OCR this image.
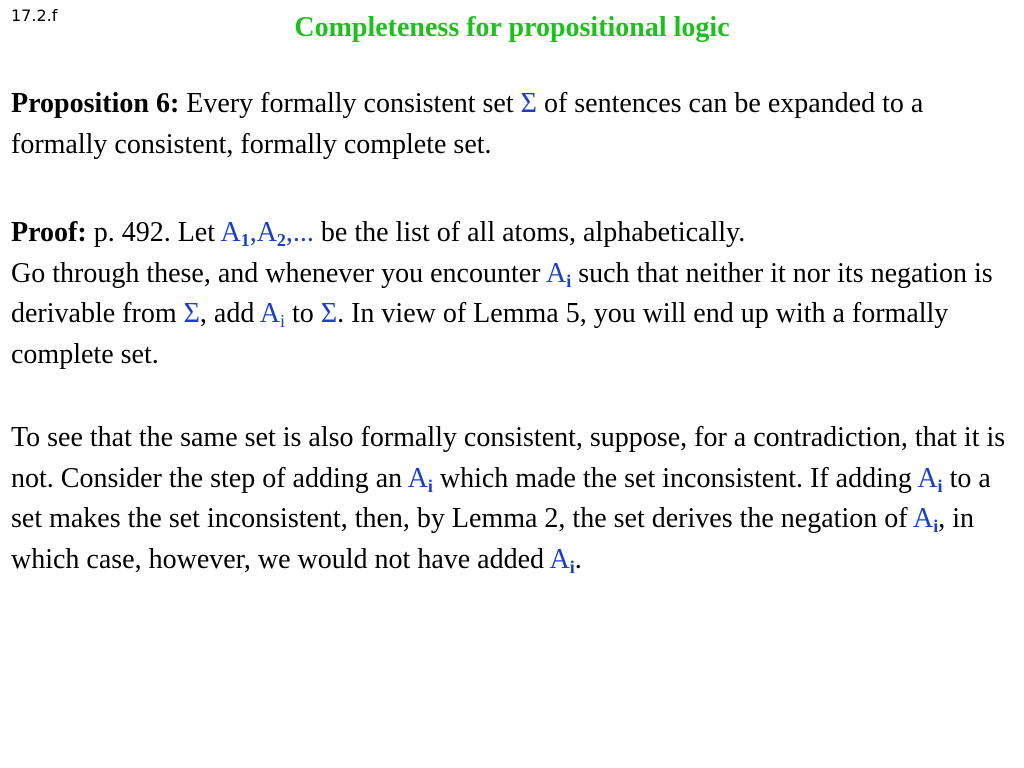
17.2.f	Completeness for propositional logic
Proposition 6: Every formally consistent set Σ of sentences can be expanded to a formally consistent, formally complete set.
Proof: p. 492. Let $A_1,A_2$,... be the list of all atoms, alphabetically.
Go through these, and whenever you encounter $A_i$ such that neither it nor its negation is derivable from Σ, add $A_i$ to Σ. In view of Lemma 5, you will end up with a formally complete set.
To see that the same set is also formally consistent, suppose, for a contradiction, that it is not. Consider the step of adding an $A_i$ which made the set inconsistent. If adding $A_i$ to a set makes the set inconsistent, then, by Lemma 2, the set derives the negation of $A_i$, in which case, however, we would not have added $A_i$.
